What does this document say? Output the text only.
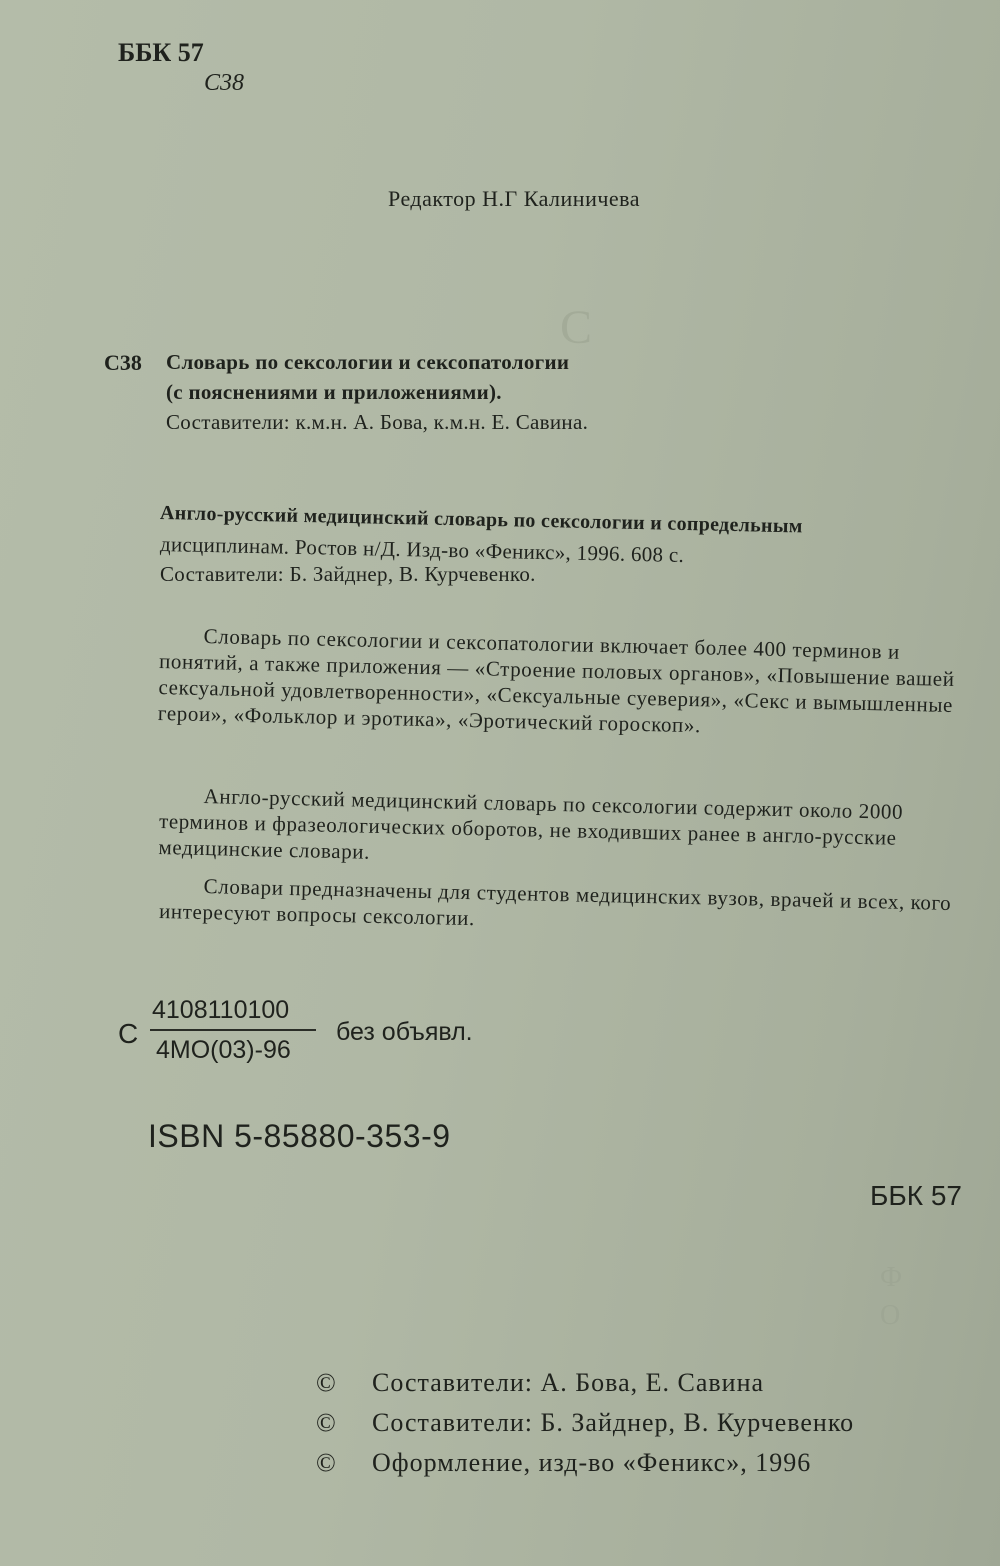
С
Ф
О
ББК 57
С38
Редактор Н.Г Калиничева
С38 Словарь по сексологии и сексопатологии
(с пояснениями и приложениями).
Составители: к.м.н. А. Бова, к.м.н. Е. Савина.
Англо-русский медицинский словарь по сексологии и сопредельным
дисциплинам. Ростов н/Д. Изд-во «Феникс», 1996. 608 с.
Составители: Б. Зайднер, В. Курчевенко.
Словарь по сексологии и сексопатологии включает более 400 терминов и понятий, а также приложения — «Строение половых органов», «Повышение вашей сексуальной удовлетворенности», «Сексуальные суеверия», «Секс и вымышленные герои», «Фольклор и эротика», «Эротический гороскоп».
Англо-русский медицинский словарь по сексологии содержит около 2000 терминов и фразеологических оборотов, не входивших ранее в англо-русские медицинские словари.
Словари предназначены для студентов медицинских вузов, врачей и всех, кого интересуют вопросы сексологии.
С
4108110100
4МО(03)-96
без объявл.
ISBN 5-85880-353-9
ББК 57
© Составители: А. Бова, Е. Савина
© Составители: Б. Зайднер, В. Курчевенко
© Оформление, изд-во «Феникс», 1996
